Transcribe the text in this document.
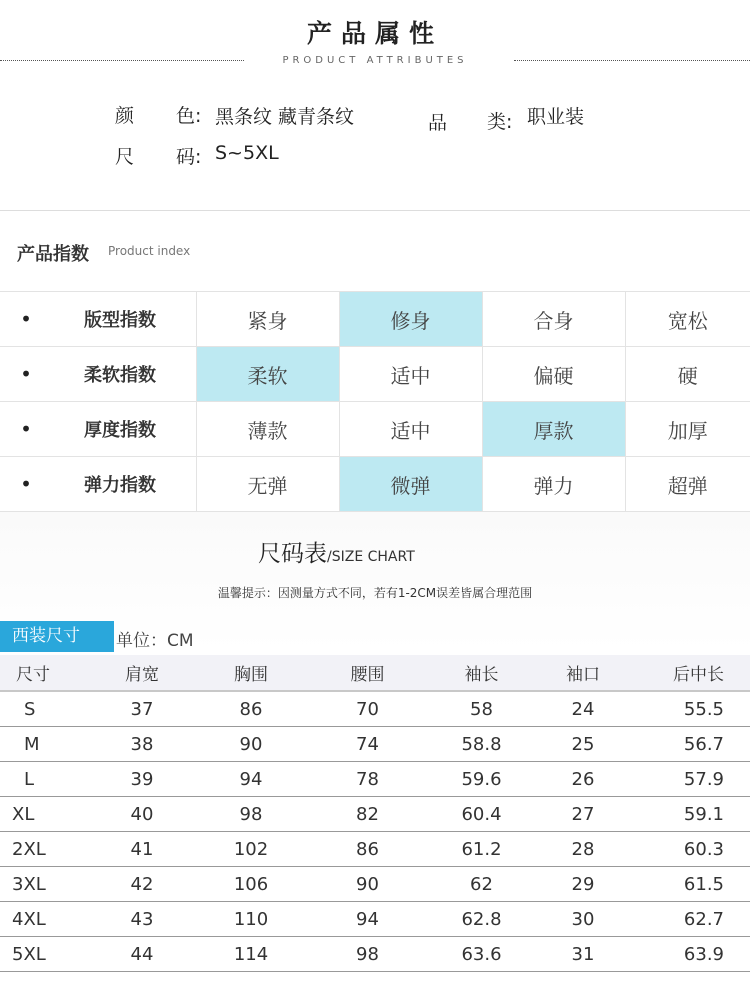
产品属性
PRODUCT ATTRIBUTES
颜 色: 黑条纹 藏青条纹	品 类: 职业装
尺 码: S~5XL
产品指数 Product index
•	版型指数	紧身	修身	合身	宽松
•	柔软指数	柔软	适中	偏硬	硬
•	厚度指数	薄款	适中	厚款	加厚
•	弹力指数	无弹	微弹	弹力	超弹
尺码表/SIZE CHART
温馨提示：因测量方式不同，若有1-2CM误差皆属合理范围
西装尺寸	单位：CM
尺寸	肩宽	胸围	腰围	袖长	袖口	后中长
S	37	86	70	58	24	55.5
M	38	90	74	58.8	25	56.7
L	39	94	78	59.6	26	57.9
XL	40	98	82	60.4	27	59.1
2XL	41	102	86	61.2	28	60.3
3XL	42	106	90	62	29	61.5
4XL	43	110	94	62.8	30	62.7
5XL	44	114	98	63.6	31	63.9
